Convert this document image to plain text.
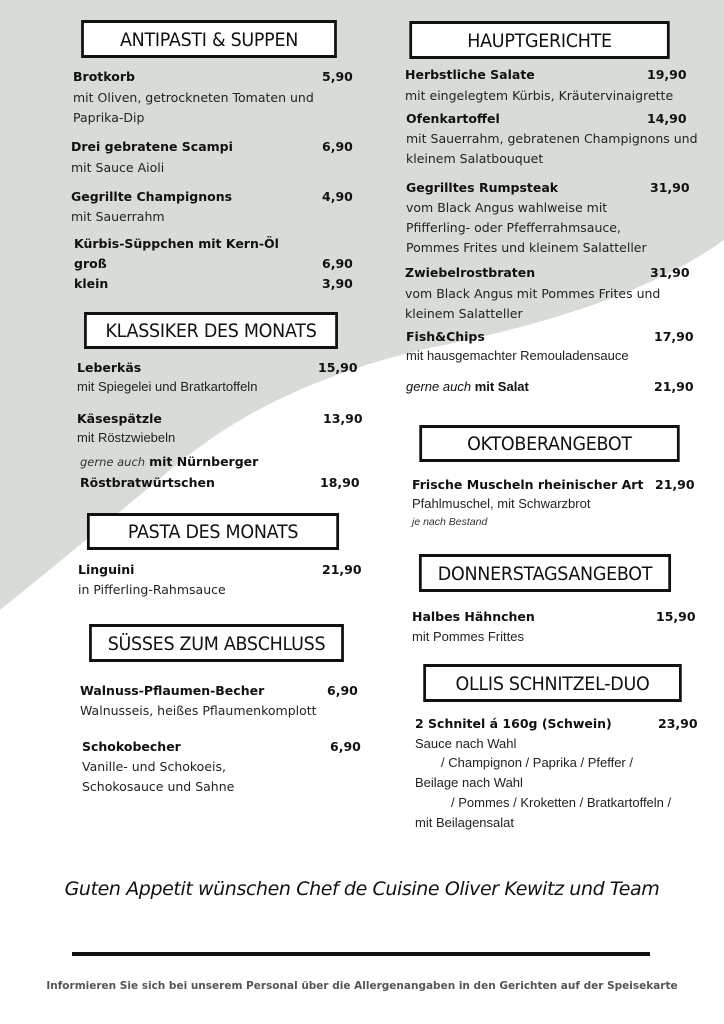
ANTIPASTI & SUPPEN
Brotkorb	5,90
mit Oliven, getrockneten Tomaten und
Paprika-Dip
Drei gebratene Scampi	6,90
mit Sauce Aioli
Gegrillte Champignons	4,90
mit Sauerrahm
Kürbis-Süppchen mit Kern-Öl
groß	6,90
klein	3,90
KLASSIKER DES MONATS
Leberkäs	15,90
mit Spiegelei und Bratkartoffeln
Käsespätzle	13,90
mit Röstzwiebeln
gerne auch mit Nürnberger
Röstbratwürtschen	18,90
PASTA DES MONATS
Linguini	21,90
in Pifferling-Rahmsauce
SÜSSES ZUM ABSCHLUSS
Walnuss-Pflaumen-Becher	6,90
Walnusseis, heißes Pflaumenkomplott
Schokobecher	6,90
Vanille- und Schokoeis,
Schokosauce und Sahne
HAUPTGERICHTE
Herbstliche Salate	19,90
mit eingelegtem Kürbis, Kräutervinaigrette
Ofenkartoffel	14,90
mit Sauerrahm, gebratenen Champignons und
kleinem Salatbouquet
Gegrilltes Rumpsteak	31,90
vom Black Angus wahlweise mit
Pfifferling- oder Pfefferrahmsauce,
Pommes Frites und kleinem Salatteller
Zwiebelrostbraten	31,90
vom Black Angus mit Pommes Frites und
kleinem Salatteller
Fish&Chips	17,90
mit hausgemachter Remouladensauce
gerne auch mit Salat	21,90
OKTOBERANGEBOT
Frische Muscheln rheinischer Art 21,90
Pfahlmuschel, mit Schwarzbrot
je nach Bestand
DONNERSTAGSANGEBOT
Halbes Hähnchen	15,90
mit Pommes Frittes
OLLIS SCHNITZEL-DUO
2 Schnitel á 160g (Schwein)	23,90
Sauce nach Wahl
/ Champignon / Paprika / Pfeffer /
Beilage nach Wahl
/ Pommes / Kroketten / Bratkartoffeln /
mit Beilagensalat
Guten Appetit wünschen Chef de Cuisine Oliver Kewitz und Team
Informieren Sie sich bei unserem Personal über die Allergenangaben in den Gerichten auf der Speisekarte
